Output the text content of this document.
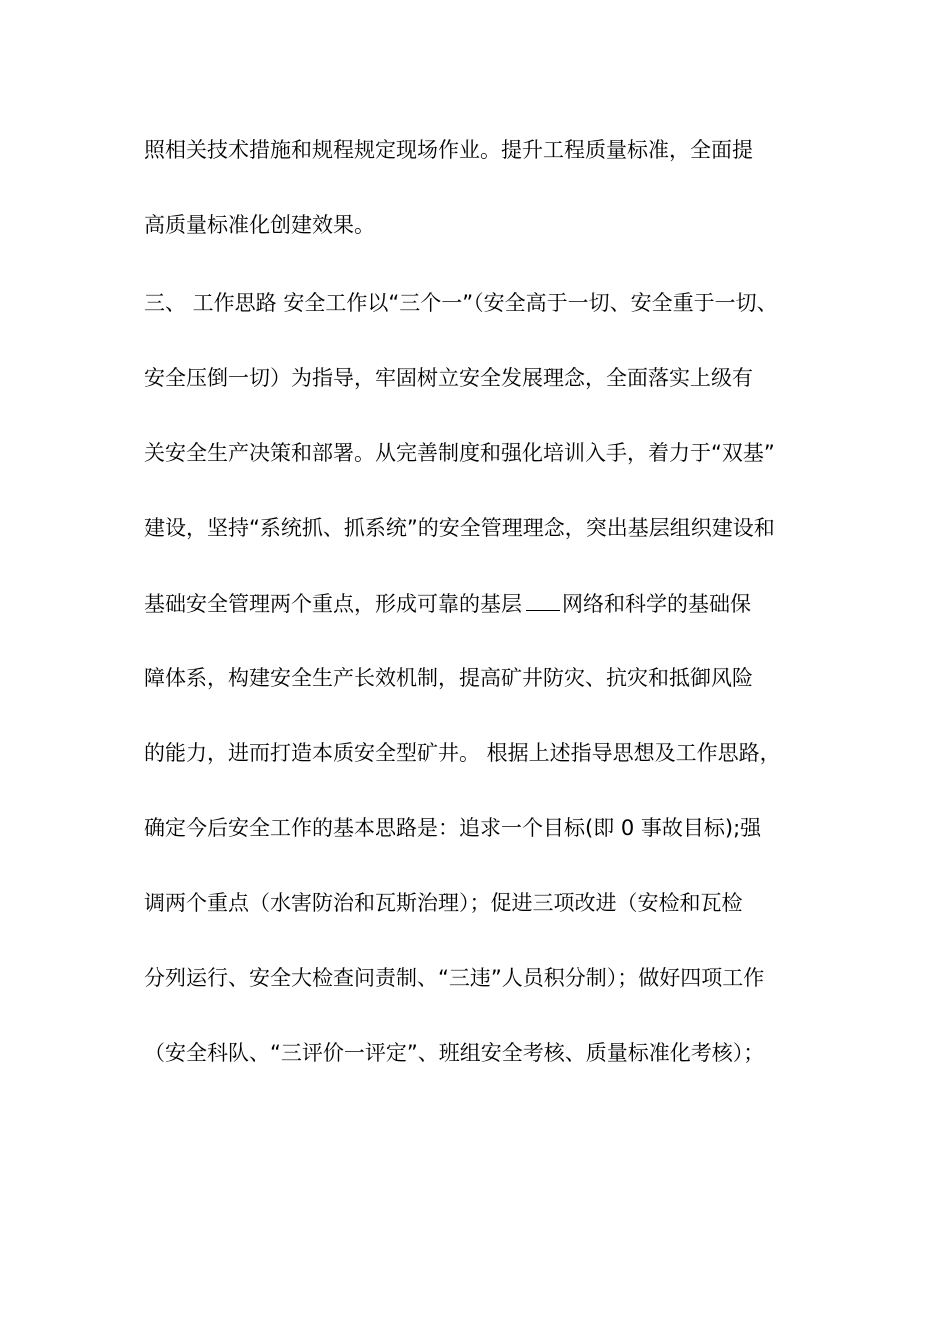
照相关技术措施和规程规定现场作业。提升工程质量标准，全面提
高质量标准化创建效果。
三、 工作思路 安全工作以“三个一”（安全高于一切、安全重于一切、
安全压倒一切）为指导，牢固树立安全发展理念，全面落实上级有
关安全生产决策和部署。从完善制度和强化培训入手，着力于“双基”
建设，坚持“系统抓、抓系统”的安全管理理念，突出基层组织建设和
基础安全管理两个重点，形成可靠的基层 网络和科学的基础保
障体系，构建安全生产长效机制，提高矿井防灾、抗灾和抵御风险
的能力，进而打造本质安全型矿井。 根据上述指导思想及工作思路，
确定今后安全工作的基本思路是：追求一个目标(即 0 事故目标);强
调两个重点（水害防治和瓦斯治理）；促进三项改进（安检和瓦检
分列运行、安全大检查问责制、“三违”人员积分制）；做好四项工作
（安全科队、“三评价一评定”、班组安全考核、质量标准化考核）；
